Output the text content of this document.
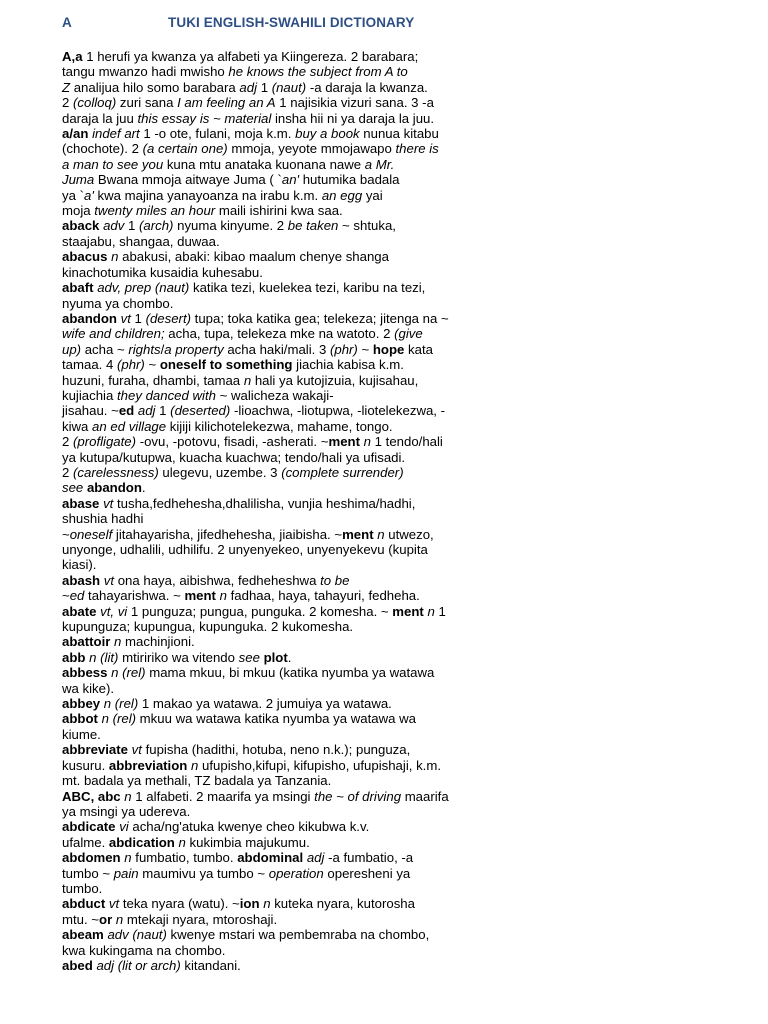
A	TUKI ENGLISH-SWAHILI DICTIONARY
A,a 1 herufi ya kwanza ya alfabeti ya Kiingereza. 2 barabara;
tangu mwanzo hadi mwisho he knows the subject from A to
Z analijua hilo somo barabara adj 1 (naut) -a daraja la kwanza.
2 (colloq) zuri sana I am feeling an A 1 najisikia vizuri sana. 3 -a
daraja la juu this essay is ~ material insha hii ni ya daraja la juu.
a/an indef art 1 -o ote, fulani, moja k.m. buy a book nunua kitabu
(chochote). 2 (a certain one) mmoja, yeyote mmojawapo there is
a man to see you kuna mtu anataka kuonana nawe a Mr.
Juma Bwana mmoja aitwaye Juma ( `an' hutumika badala
ya `a' kwa majina yanayoanza na irabu k.m. an egg yai
moja twenty miles an hour maili ishirini kwa saa.
aback adv 1 (arch) nyuma kinyume. 2 be taken ~ shtuka,
staajabu, shangaa, duwaa.
abacus n abakusi, abaki: kibao maalum chenye shanga
kinachotumika kusaidia kuhesabu.
abaft adv, prep (naut) katika tezi, kuelekea tezi, karibu na tezi,
nyuma ya chombo.
abandon vt 1 (desert) tupa; toka katika gea; telekeza; jitenga na ~
wife and children; acha, tupa, telekeza mke na watoto. 2 (give
up) acha ~ rights/a property acha haki/mali. 3 (phr) ~ hope kata
tamaa. 4 (phr) ~ oneself to something jiachia kabisa k.m.
huzuni, furaha, dhambi, tamaa n hali ya kutojizuia, kujisahau,
kujiachia they danced with ~ walicheza wakaji-
jisahau. ~ed adj 1 (deserted) -lioachwa, -liotupwa, -liotelekezwa, -
kiwa an ed village kijiji kilichotelekezwa, mahame, tongo.
2 (profligate) -ovu, -potovu, fisadi, -asherati. ~ment n 1 tendo/hali
ya kutupa/kutupwa, kuacha kuachwa; tendo/hali ya ufisadi.
2 (carelessness) ulegevu, uzembe. 3 (complete surrender)
see abandon.
abase vt tusha,fedhehesha,dhalilisha, vunjia heshima/hadhi,
shushia hadhi
~oneself jitahayarisha, jifedhehesha, jiaibisha. ~ment n utwezo,
unyonge, udhalili, udhilifu. 2 unyenyekeo, unyenyekevu (kupita
kiasi).
abash vt ona haya, aibishwa, fedheheshwa to be
~ed tahayarishwa. ~ ment n fadhaa, haya, tahayuri, fedheha.
abate vt, vi 1 punguza; pungua, punguka. 2 komesha. ~ ment n 1
kupunguza; kupungua, kupunguka. 2 kukomesha.
abattoir n machinjioni.
abb n (lit) mtiririko wa vitendo see plot.
abbess n (rel) mama mkuu, bi mkuu (katika nyumba ya watawa
wa kike).
abbey n (rel) 1 makao ya watawa. 2 jumuiya ya watawa.
abbot n (rel) mkuu wa watawa katika nyumba ya watawa wa
kiume.
abbreviate vt fupisha (hadithi, hotuba, neno n.k.); punguza,
kusuru. abbreviation n ufupisho,kifupi, kifupisho, ufupishaji, k.m.
mt. badala ya methali, TZ badala ya Tanzania.
ABC, abc n 1 alfabeti. 2 maarifa ya msingi the ~ of driving maarifa
ya msingi ya udereva.
abdicate vi acha/ng'atuka kwenye cheo kikubwa k.v.
ufalme. abdication n kukimbia majukumu.
abdomen n fumbatio, tumbo. abdominal adj -a fumbatio, -a
tumbo ~ pain maumivu ya tumbo ~ operation operesheni ya
tumbo.
abduct vt teka nyara (watu). ~ion n kuteka nyara, kutorosha
mtu. ~or n mtekaji nyara, mtoroshaji.
abeam adv (naut) kwenye mstari wa pembemraba na chombo,
kwa kukingama na chombo.
abed adj (lit or arch) kitandani.
